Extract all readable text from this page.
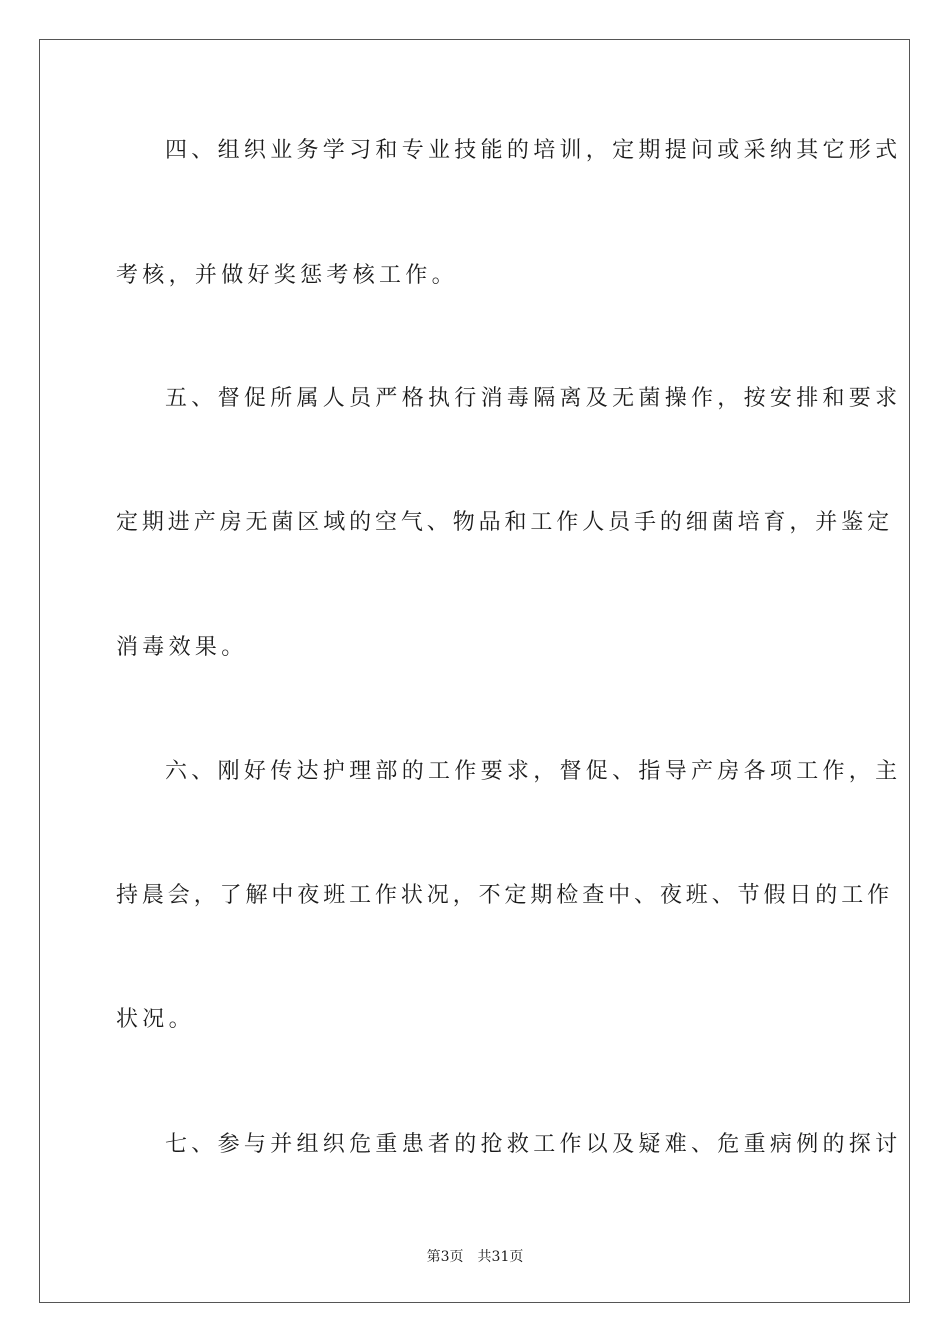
四、组织业务学习和专业技能的培训，定期提问或采纳其它形式
考核，并做好奖惩考核工作。
五、督促所属人员严格执行消毒隔离及无菌操作，按安排和要求
定期进产房无菌区域的空气、物品和工作人员手的细菌培育，并鉴定
消毒效果。
六、刚好传达护理部的工作要求，督促、指导产房各项工作，主
持晨会，了解中夜班工作状况，不定期检查中、夜班、节假日的工作
状况。
七、参与并组织危重患者的抢救工作以及疑难、危重病例的探讨
第3页 共31页
